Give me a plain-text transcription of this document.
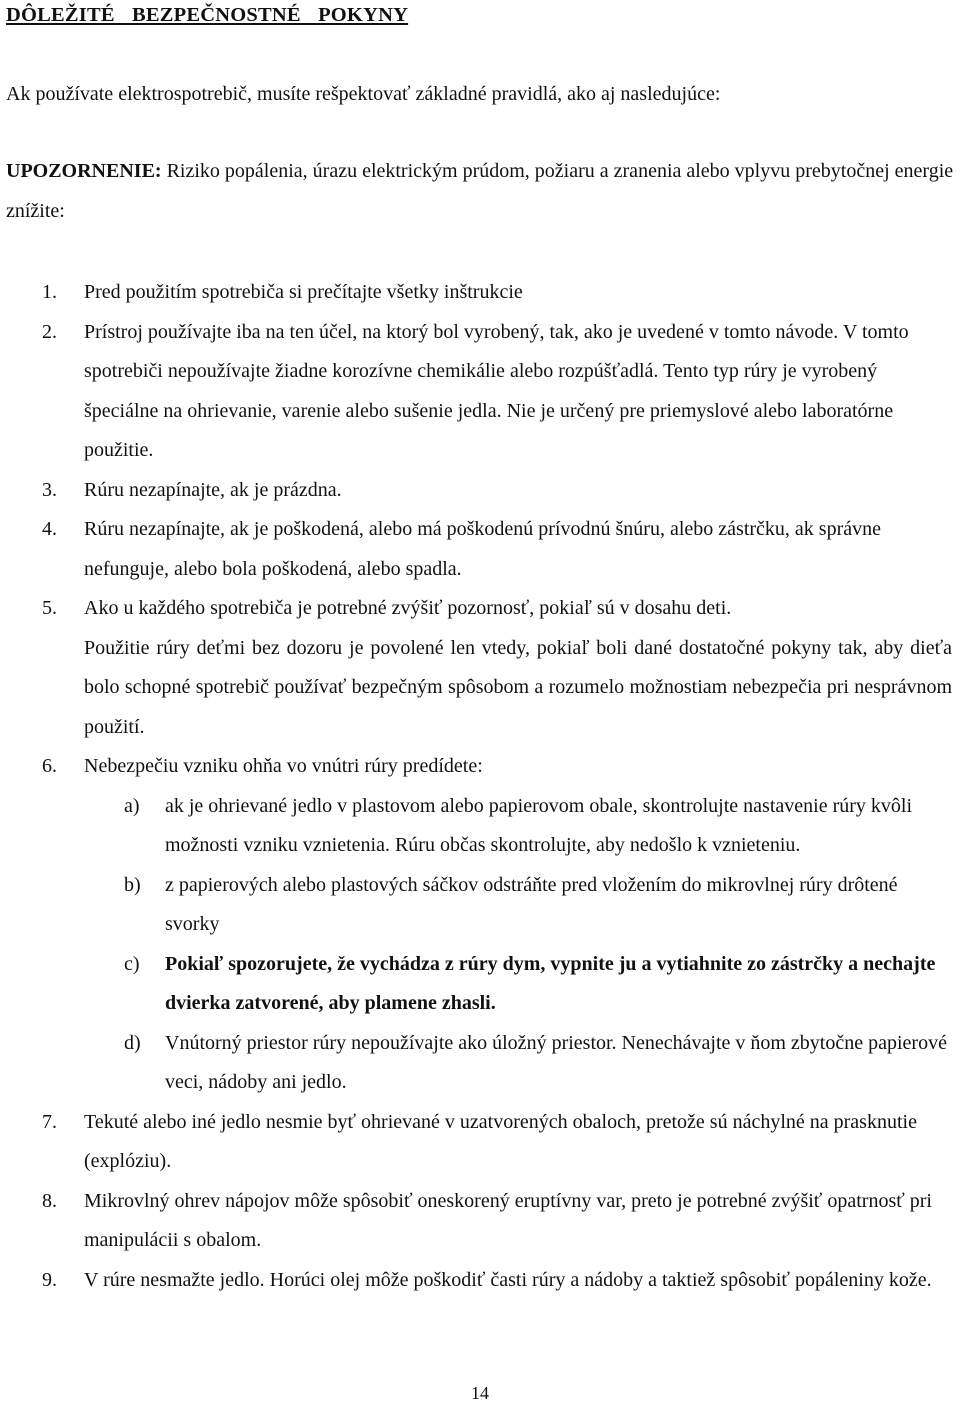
DÔLEŽITÉ BEZPEČNOSTNÉ POKYNY
Ak používate elektrospotrebič, musíte rešpektovať základné pravidlá, ako aj nasledujúce:
UPOZORNENIE: Riziko popálenia, úrazu elektrickým prúdom, požiaru a zranenia alebo vplyvu prebytočnej energie znížite:
1. Pred použitím spotrebiča si prečítajte všetky inštrukcie
2. Prístroj používajte iba na ten účel, na ktorý bol vyrobený, tak, ako je uvedené v tomto návode. V tomto spotrebiči nepoužívajte žiadne korozívne chemikálie alebo rozpúšťadlá. Tento typ rúry je vyrobený špeciálne na ohrievanie, varenie alebo sušenie jedla. Nie je určený pre priemyslové alebo laboratórne použitie.
3. Rúru nezapínajte, ak je prázdna.
4. Rúru nezapínajte, ak je poškodená, alebo má poškodenú prívodnú šnúru, alebo zástrčku, ak správne nefunguje, alebo bola poškodená, alebo spadla.
5. Ako u každého spotrebiča je potrebné zvýšiť pozornosť, pokiaľ sú v dosahu deti.
Použitie rúry deťmi bez dozoru je povolené len vtedy, pokiaľ boli dané dostatočné pokyny tak, aby dieťa bolo schopné spotrebič používať bezpečným spôsobom a rozumelo možnostiam nebezpečia pri nesprávnom použití.
6. Nebezpečiu vzniku ohňa vo vnútri rúry predídete:
a) ak je ohrievané jedlo v plastovom alebo papierovom obale, skontrolujte nastavenie rúry kvôli možnosti vzniku vznietenia. Rúru občas skontrolujte, aby nedošlo k vznieteniu.
b) z papierových alebo plastových sáčkov odstráňte pred vložením do mikrovlnej rúry drôtené svorky
c) Pokiaľ spozorujete, že vychádza z rúry dym, vypnite ju a vytiahnite zo zástrčky a nechajte dvierka zatvorené, aby plamene zhasli.
d) Vnútorný priestor rúry nepoužívajte ako úložný priestor. Nenechávajte v ňom zbytočne papierové veci, nádoby ani jedlo.
7. Tekuté alebo iné jedlo nesmie byť ohrievané v uzatvorených obaloch, pretože sú náchylné na prasknutie (explóziu).
8. Mikrovlný ohrev nápojov môže spôsobiť oneskorený eruptívny var, preto je potrebné zvýšiť opatrnosť pri manipulácii s obalom.
9. V rúre nesmažte jedlo. Horúci olej môže poškodiť časti rúry a nádoby a taktiež spôsobiť popáleniny kože.
14
